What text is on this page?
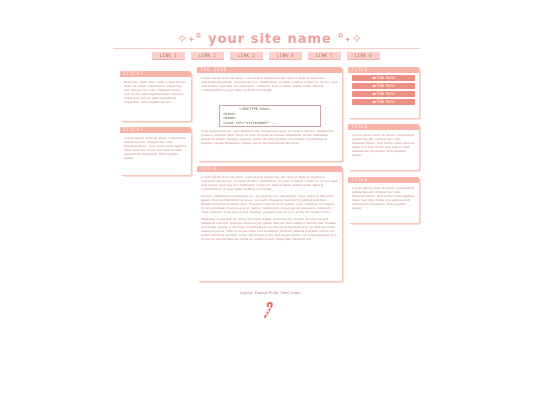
✧˖° your site name °˖✧
LINK 1	LINK 2	LINK 3	LINK 4	LINK 5	LINK 6
TITLE
Bold text. Italic Text. Link. Lorem ipsum dolor sit amet, consectetur adipiscing elit. Integer nec odio. Praesent libero. Sed cursus ante dapibus diam. Sed nisi. Nulla quis sem at nibh elementum imperdiet. Duis sagittis ipsum.
TITLE
Lorem ipsum dolor sit amet, consectetur adipiscing elit. Integer nec odio. Praesent libero. Sed cursus ante dapibus diam. Sed nisi. Nulla quis sem at nibh elementum imperdiet. Duis sagittis ipsum.
TAG CODE
Lorem ipsum dolor sit amet, consectetur adipiscing elit. Sed ut diam et dapibus a dignissim bibendum, pulvinar at arcu. Vestibulum id quam a metus commodo cursus eget quis metus. Sed sem nec dignissim, commodo felis et diam, mattis nulla. Mauris condimentum ut eget tellus facilisis accumsan.
<!DOCTYPE html>
<html>
<head>
<link rel="stylesheet" ...
Cras semper nisi ac, eget eleifend odio scelerisque eget. Ut in arcu mauris. Vestibulum quam a, pretium nibh. Proin in nunc ut enim accumsan bibendum. In hac habitasse platea dictumst. Quisque egestas quam vel erat gravida consectetur. Vestibulum at dapibus neque. Phasellus congue purus vel fermentum faucibus.
TITLE
Lorem ipsum dolor sit amet, consectetur adipiscing elit. Sed ut diam et dapibus a dignissim bibendum, pulvinar at arcu. Vestibulum id quam a metus commodo cursus eget quis metus. Sed sem nec dignissim, commodo felis et diam, mattis nulla. Mauris condimentum ut eget tellus facilisis accumsan.
Integer vestibulum scelerisque leo, et pretium nisl consectetur vitae. Class id nisi quis ipsum rhoncus tincidunt vel amet, non velit. Phasellus hendrerit pulvinar pulvinar. Mauris molestie pretium risus. Praesent rhoncus arcu sapien, quis commodo ex tempus ut. In accumsan rhoncus erat at mattis. Vestibulum consequat mi quis ante commodo, vitae vehicula. Cras sem turpis dapibus, pellentesque eros et, porta est. Nulla luctus.
Phasellus a placerat mi. Nunc id turpis sapien, at luctus nisl. Donec dictum suscipit magna at suscipit. Quisque ullamcorper ipsum nisi sed. Sed euismod lacinia nisi. Nullam accumsan, ipsum et ultricies condimentum, ipsum purus dapibus eros, ut ultricies nulla massa et purus. Nam in augue vitae eros hendrerit pretium. Mauris pretium cursus vel quam tincidunt pretium. Cras velit lorem, a dui, sed neque mattis. Ut a nisi placerat, non luctus mi sed facilisis mi. Nulla ac euismod erat, imperdiet tincidunt dui.
TITLE
▬ link here
▬ link here
▬ link here
▬ link here
TITLE
Lorem ipsum dolor sit amet, consectetur adipiscing elit. Integer nec odio. Praesent libero. Sed cursus ante dapibus diam. Sed nisi. Nulla quis sem at nibh elementum imperdiet. Duis sagittis ipsum.
TITLE
Lorem ipsum dolor sit amet, consectetur adipiscing elit. Integer nec odio. Praesent libero. Sed cursus ante dapibus diam. Sed nisi. Nulla quis sem at nibh elementum imperdiet. Duis sagittis ipsum.
Layout: Fantaje Picks: Pixel Icons
